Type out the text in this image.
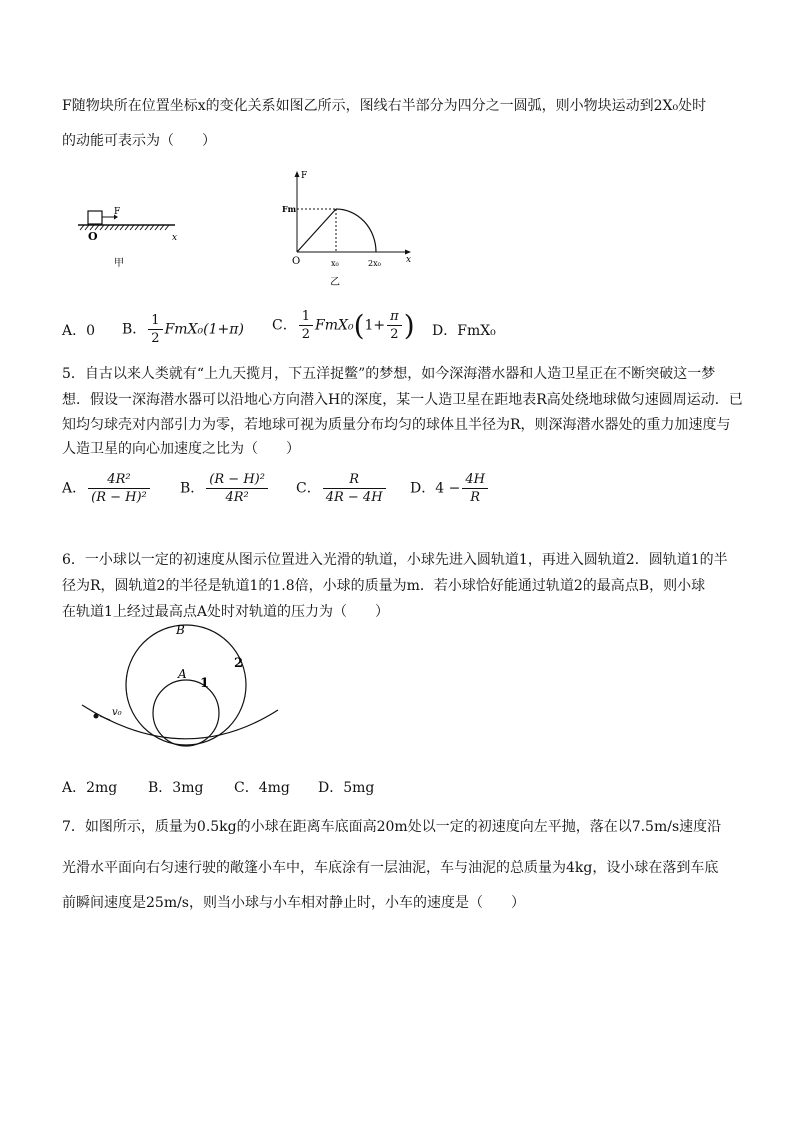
F随物块所在位置坐标x的变化关系如图乙所示，图线右半部分为四分之一圆弧，则小物块运动到2X₀处时
的动能可表示为（　　）
F
O	x
甲
F
x
Fm
O	x₀	2x₀
乙
A．0 B． $\frac{1}{2} FmX_0(1+\pi)$ C． $\frac{1}{2} FmX_0(1+ \frac{\pi}{2}$ ) D．FmX₀
5．自古以来人类就有“上九天揽月，下五洋捉鳖”的梦想，如今深海潜水器和人造卫星正在不断突破这一梦
想．假设一深海潜水器可以沿地心方向潜入H的深度，某一人造卫星在距地表R高处绕地球做匀速圆周运动．已
知均匀球壳对内部引力为零，若地球可视为质量分布均匀的球体且半径为R，则深海潜水器处的重力加速度与
人造卫星的向心加速度之比为（　　）
A． $\frac{\text{4R²}}{\text{(R − H)²}}$ B． $\frac{\text{(R − H)²}}{\text{4R²}}$ C． $\frac{R}{4R - 4H}$ D．$4 - \frac{4H}{R}$
6．一小球以一定的初速度从图示位置进入光滑的轨道，小球先进入圆轨道1，再进入圆轨道2．圆轨道1的半
径为R，圆轨道2的半径是轨道1的1.8倍，小球的质量为m．若小球恰好能通过轨道2的最高点B，则小球
在轨道1上经过最高点A处时对轨道的压力为（　　）
B
A
1
2
v₀
A．2mg B．3mg C．4mg D．5mg
7．如图所示，质量为0.5kg的小球在距离车底面高20m处以一定的初速度向左平抛，落在以7.5m/s速度沿
光滑水平面向右匀速行驶的敞篷小车中，车底涂有一层油泥，车与油泥的总质量为4kg，设小球在落到车底
前瞬间速度是25m/s，则当小球与小车相对静止时，小车的速度是（　　）
